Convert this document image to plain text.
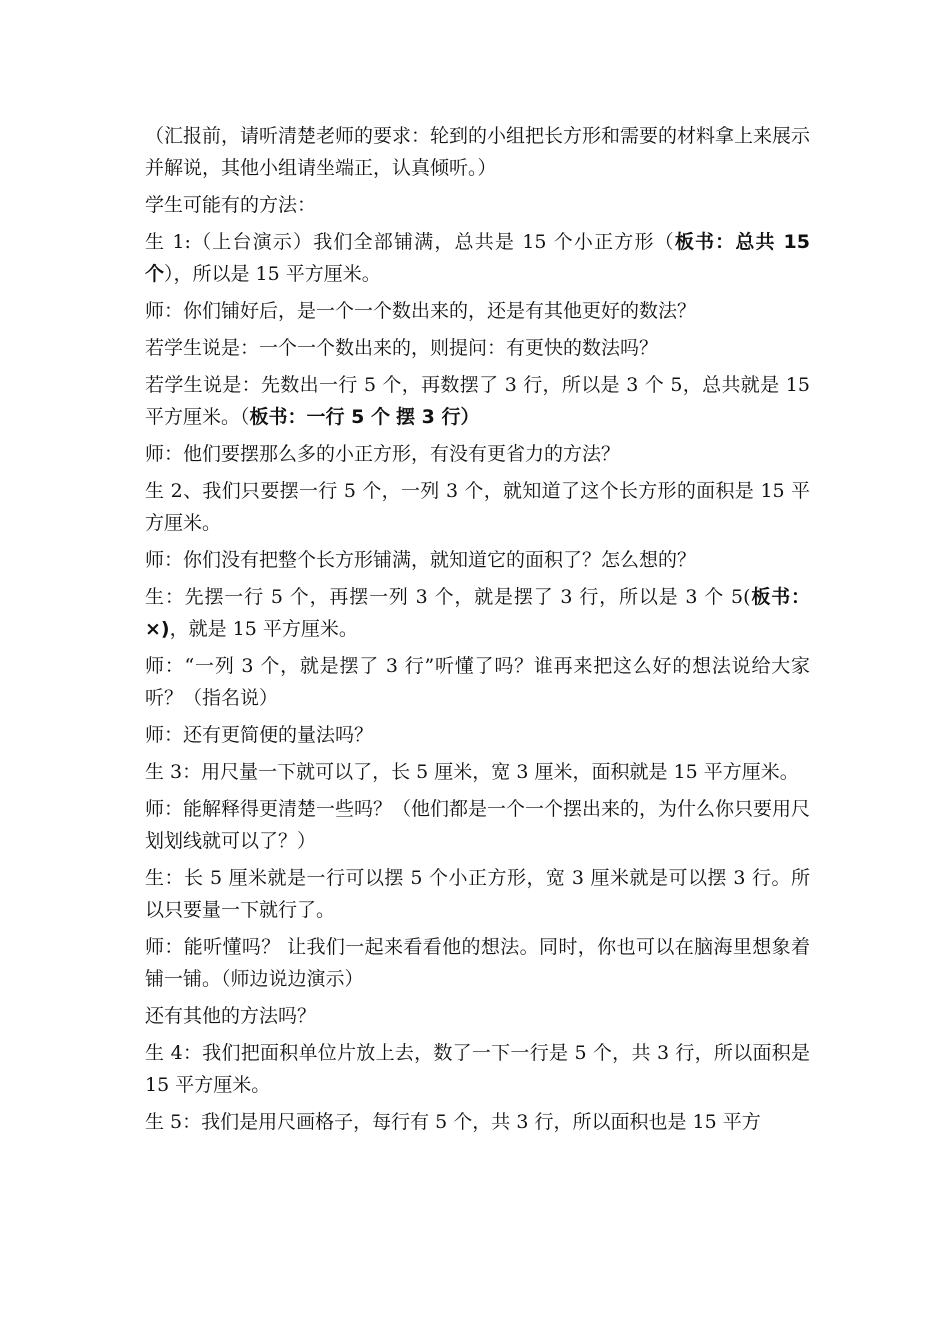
（汇报前，请听清楚老师的要求：轮到的小组把长方形和需要的材料拿上来展示并解说，其他小组请坐端正，认真倾听。）

学生可能有的方法：

生 1:（上台演示）我们全部铺满，总共是 15 个小正方形（板书：总共 15 个），所以是 15 平方厘米。

师：你们铺好后，是一个一个数出来的，还是有其他更好的数法？

若学生说是：一个一个数出来的，则提问：有更快的数法吗？

若学生说是：先数出一行 5 个，再数摆了 3 行，所以是 3 个 5，总共就是 15 平方厘米。（板书：一行 5 个 摆 3 行）

师：他们要摆那么多的小正方形，有没有更省力的方法？

生 2、我们只要摆一行 5 个，一列 3 个，就知道了这个长方形的面积是 15 平方厘米。

师：你们没有把整个长方形铺满，就知道它的面积了？怎么想的？

生：先摆一行 5 个，再摆一列 3 个，就是摆了 3 行，所以是 3 个 5(板书：×)，就是 15 平方厘米。

师：“一列 3 个，就是摆了 3 行”听懂了吗？谁再来把这么好的想法说给大家听？（指名说）

师：还有更简便的量法吗？

生 3：用尺量一下就可以了，长 5 厘米，宽 3 厘米，面积就是 15 平方厘米。

师：能解释得更清楚一些吗？（他们都是一个一个摆出来的，为什么你只要用尺划划线就可以了？）

生：长 5 厘米就是一行可以摆 5 个小正方形，宽 3 厘米就是可以摆 3 行。所以只要量一下就行了。

师：能听懂吗？ 让我们一起来看看他的想法。同时，你也可以在脑海里想象着铺一铺。（师边说边演示）

还有其他的方法吗？

生 4：我们把面积单位片放上去，数了一下一行是 5 个，共 3 行，所以面积是 15 平方厘米。

生 5：我们是用尺画格子，每行有 5 个，共 3 行，所以面积也是 15 平方
